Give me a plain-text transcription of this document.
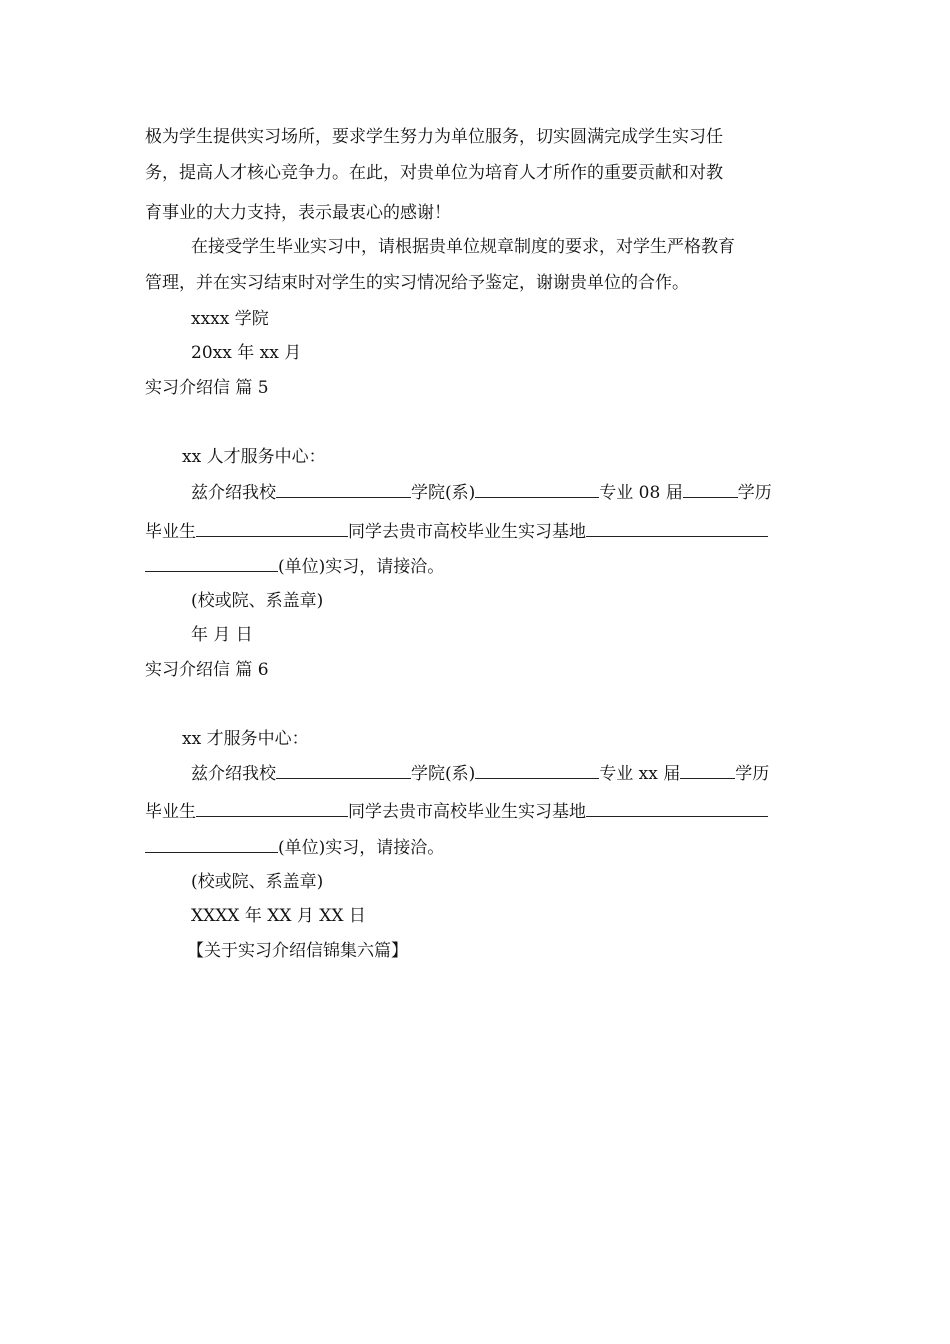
极为学生提供实习场所，要求学生努力为单位服务，切实圆满完成学生实习任
务，提高人才核心竞争力。在此，对贵单位为培育人才所作的重要贡献和对教
育事业的大力支持，表示最衷心的感谢！
在接受学生毕业实习中，请根据贵单位规章制度的要求，对学生严格教育
管理，并在实习结束时对学生的实习情况给予鉴定，谢谢贵单位的合作。
xxxx 学院
20xx 年 xx 月
实习介绍信 篇 5
xx 人才服务中心：
兹介绍我校	学院(系)	专业 08 届	学历
毕业生	同学去贵市高校毕业生实习基地
(单位)实习，请接洽。
(校或院、系盖章)
年 月 日
实习介绍信 篇 6
xx 才服务中心：
兹介绍我校	学院(系)	专业 xx 届	学历
毕业生	同学去贵市高校毕业生实习基地
(单位)实习，请接洽。
(校或院、系盖章)
XXXX 年 XX 月 XX 日
【关于实习介绍信锦集六篇】
